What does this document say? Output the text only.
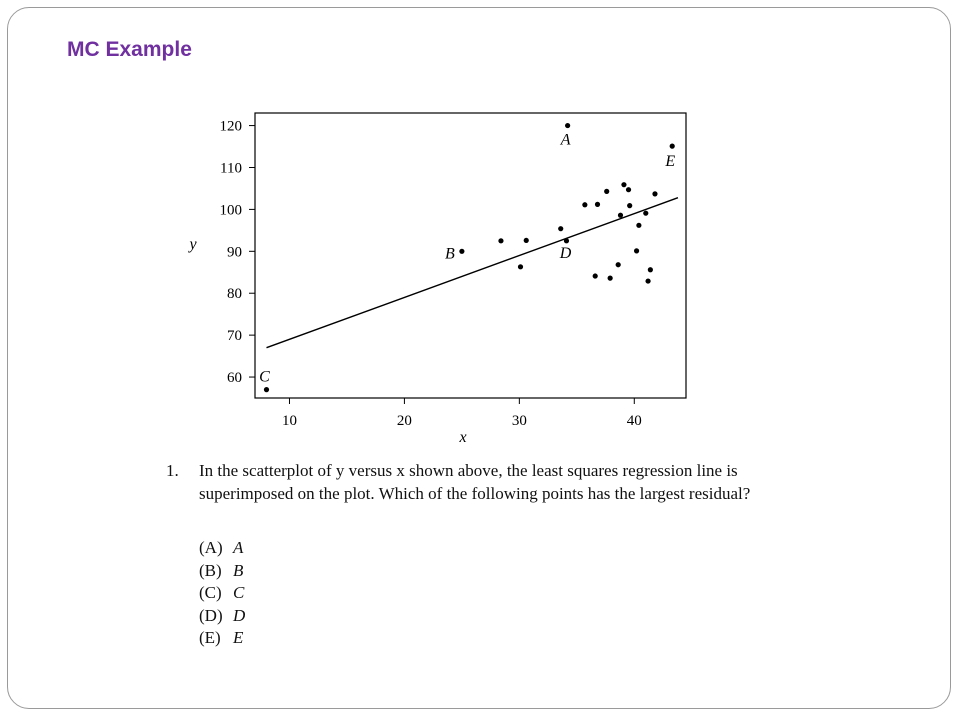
MC Example
10	20	30	40
60
70
80
90
100
110
120
C
B	D
A
E
x
y
1. In the scatterplot of y versus x shown above, the least squares regression line is superimposed on the plot. Which of the following points has the largest residual?
(A) A
(B) B
(C) C
(D) D
(E) E
